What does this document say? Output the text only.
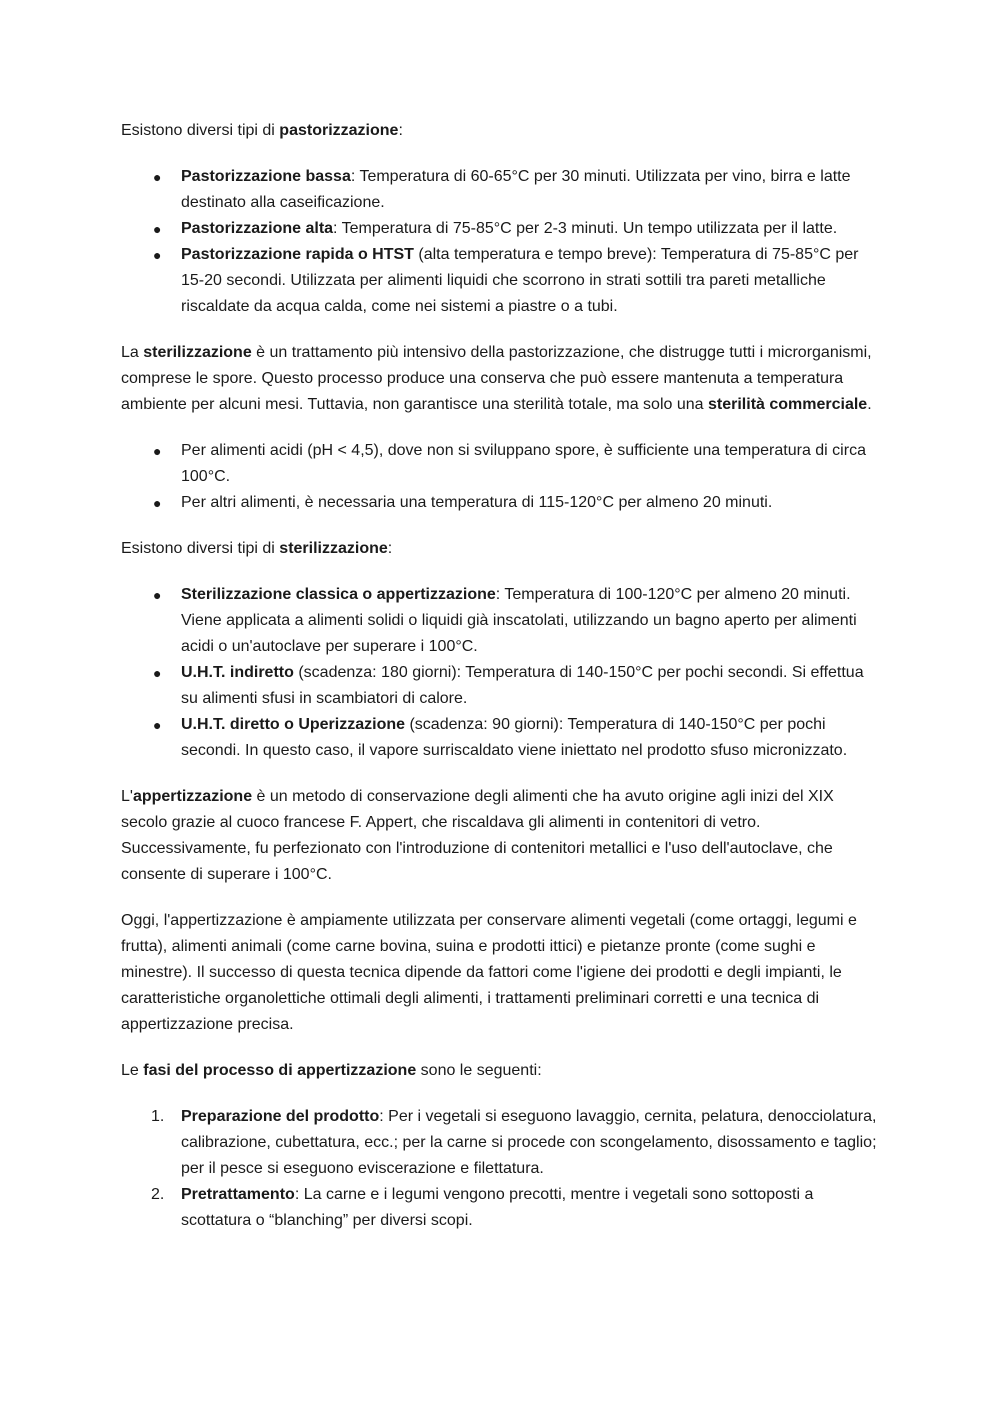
Esistono diversi tipi di pastorizzazione:

● Pastorizzazione bassa: Temperatura di 60-65°C per 30 minuti. Utilizzata per vino, birra e latte destinato alla caseificazione.
● Pastorizzazione alta: Temperatura di 75-85°C per 2-3 minuti. Un tempo utilizzata per il latte.
● Pastorizzazione rapida o HTST (alta temperatura e tempo breve): Temperatura di 75-85°C per 15-20 secondi. Utilizzata per alimenti liquidi che scorrono in strati sottili tra pareti metalliche riscaldate da acqua calda, come nei sistemi a piastre o a tubi.

La sterilizzazione è un trattamento più intensivo della pastorizzazione, che distrugge tutti i microrganismi, comprese le spore. Questo processo produce una conserva che può essere mantenuta a temperatura ambiente per alcuni mesi. Tuttavia, non garantisce una sterilità totale, ma solo una sterilità commerciale.

● Per alimenti acidi (pH < 4,5), dove non si sviluppano spore, è sufficiente una temperatura di circa 100°C.
● Per altri alimenti, è necessaria una temperatura di 115-120°C per almeno 20 minuti.

Esistono diversi tipi di sterilizzazione:

● Sterilizzazione classica o appertizzazione: Temperatura di 100-120°C per almeno 20 minuti. Viene applicata a alimenti solidi o liquidi già inscatolati, utilizzando un bagno aperto per alimenti acidi o un'autoclave per superare i 100°C.
● U.H.T. indiretto (scadenza: 180 giorni): Temperatura di 140-150°C per pochi secondi. Si effettua su alimenti sfusi in scambiatori di calore.
● U.H.T. diretto o Uperizzazione (scadenza: 90 giorni): Temperatura di 140-150°C per pochi secondi. In questo caso, il vapore surriscaldato viene iniettato nel prodotto sfuso micronizzato.

L'appertizzazione è un metodo di conservazione degli alimenti che ha avuto origine agli inizi del XIX secolo grazie al cuoco francese F. Appert, che riscaldava gli alimenti in contenitori di vetro. Successivamente, fu perfezionato con l'introduzione di contenitori metallici e l'uso dell'autoclave, che consente di superare i 100°C.

Oggi, l'appertizzazione è ampiamente utilizzata per conservare alimenti vegetali (come ortaggi, legumi e frutta), alimenti animali (come carne bovina, suina e prodotti ittici) e pietanze pronte (come sughi e minestre). Il successo di questa tecnica dipende da fattori come l'igiene dei prodotti e degli impianti, le caratteristiche organolettiche ottimali degli alimenti, i trattamenti preliminari corretti e una tecnica di appertizzazione precisa.

Le fasi del processo di appertizzazione sono le seguenti:

1. Preparazione del prodotto: Per i vegetali si eseguono lavaggio, cernita, pelatura, denocciolatura, calibrazione, cubettatura, ecc.; per la carne si procede con scongelamento, disossamento e taglio; per il pesce si eseguono eviscerazione e filettatura.
2. Pretrattamento: La carne e i legumi vengono precotti, mentre i vegetali sono sottoposti a scottatura o “blanching” per diversi scopi.
